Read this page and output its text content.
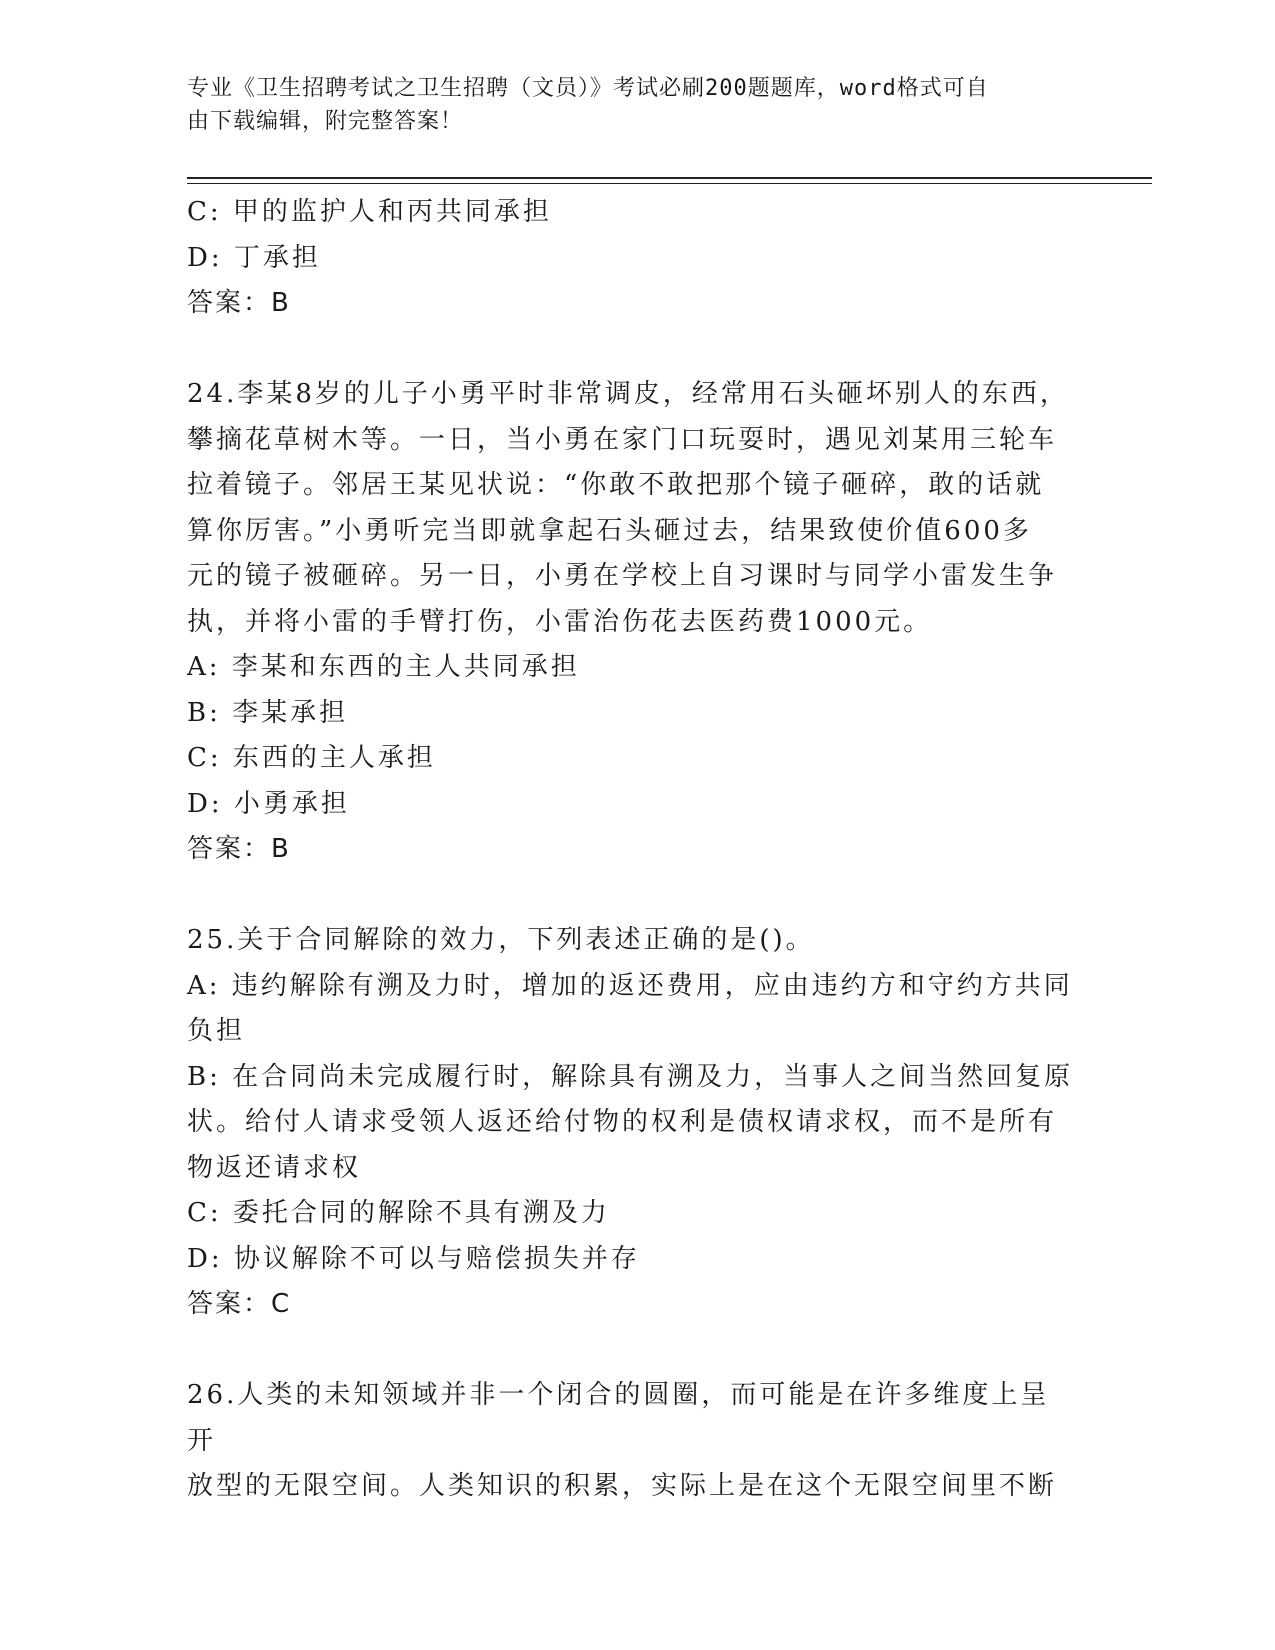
专业《卫生招聘考试之卫生招聘（文员）》考试必刷200题题库，word格式可自
由下载编辑，附完整答案！

C: 甲的监护人和丙共同承担

D: 丁承担

答案：B

24.李某8岁的儿子小勇平时非常调皮，经常用石头砸坏别人的东西，

攀摘花草树木等。一日，当小勇在家门口玩耍时，遇见刘某用三轮车

拉着镜子。邻居王某见状说：“你敢不敢把那个镜子砸碎，敢的话就

算你厉害。”小勇听完当即就拿起石头砸过去，结果致使价值600多

元的镜子被砸碎。另一日，小勇在学校上自习课时与同学小雷发生争

执，并将小雷的手臂打伤，小雷治伤花去医药费1000元。

A: 李某和东西的主人共同承担

B: 李某承担

C: 东西的主人承担

D: 小勇承担

答案：B

25.关于合同解除的效力，下列表述正确的是()。

A: 违约解除有溯及力时，增加的返还费用，应由违约方和守约方共同

负担

B: 在合同尚未完成履行时，解除具有溯及力，当事人之间当然回复原

状。给付人请求受领人返还给付物的权利是债权请求权，而不是所有

物返还请求权

C: 委托合同的解除不具有溯及力

D: 协议解除不可以与赔偿损失并存

答案：C

26.人类的未知领域并非一个闭合的圆圈，而可能是在许多维度上呈开

放型的无限空间。人类知识的积累，实际上是在这个无限空间里不断
